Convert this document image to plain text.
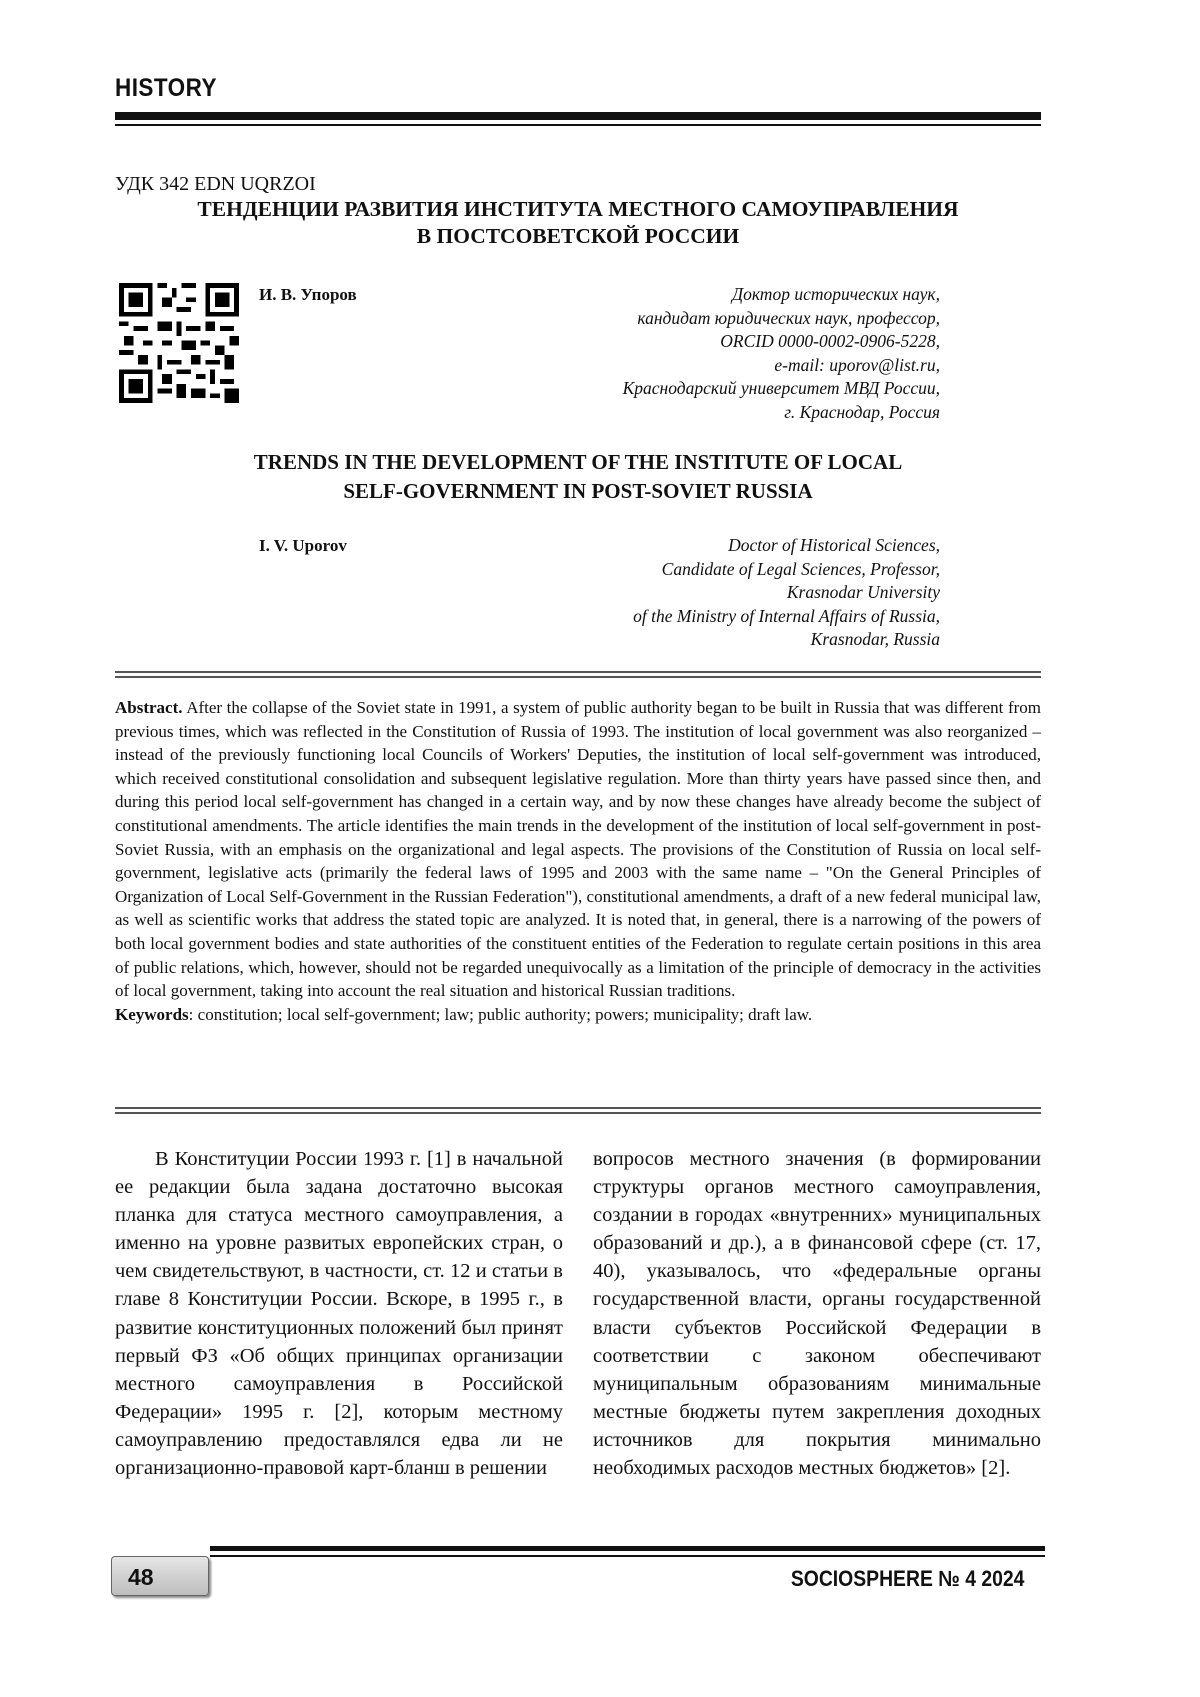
HISTORY
УДК 342 EDN UQRZOI
ТЕНДЕНЦИИ РАЗВИТИЯ ИНСТИТУТА МЕСТНОГО САМОУПРАВЛЕНИЯ
В ПОСТСОВЕТСКОЙ РОССИИ
И. В. Упоров	Доктор исторических наук,
кандидат юридических наук, профессор,
ORCID 0000-0002-0906-5228,
e-mail: uporov@list.ru,
Краснодарский университет МВД России,
г. Краснодар, Россия
TRENDS IN THE DEVELOPMENT OF THE INSTITUTE OF LOCAL
SELF-GOVERNMENT IN POST-SOVIET RUSSIA
I. V. Uporov	Doctor of Historical Sciences,
Candidate of Legal Sciences, Professor,
Krasnodar University
of the Ministry of Internal Affairs of Russia,
Krasnodar, Russia
Abstract. After the collapse of the Soviet state in 1991, a system of public authority began to be built in Russia that was different from previous times, which was reflected in the Constitution of Russia of 1993. The institution of local government was also reorganized – instead of the previously functioning local Councils of Workers' Deputies, the institution of local self-government was introduced, which received constitutional consolidation and subsequent legislative regulation. More than thirty years have passed since then, and during this period local self-government has changed in a certain way, and by now these changes have already become the subject of constitutional amendments. The article identifies the main trends in the development of the institution of local self-government in post-Soviet Russia, with an emphasis on the organizational and legal aspects. The provisions of the Constitution of Russia on local self-government, legislative acts (primarily the federal laws of 1995 and 2003 with the same name – "On the General Principles of Organization of Local Self-Government in the Russian Federation"), constitutional amendments, a draft of a new federal municipal law, as well as scientific works that address the stated topic are analyzed. It is noted that, in general, there is a narrowing of the powers of both local government bodies and state authorities of the constituent entities of the Federation to regulate certain positions in this area of public relations, which, however, should not be regarded unequivocally as a limitation of the principle of democracy in the activities of local government, taking into account the real situation and historical Russian traditions.
Keywords: constitution; local self-government; law; public authority; powers; municipality; draft law.

В Конституции России 1993 г. [1] в начальной ее редакции была задана достаточно высокая планка для статуса местного самоуправления, а именно на уровне развитых европейских стран, о чем свидетельствуют, в частности, ст. 12 и статьи в главе 8 Конституции России. Вскоре, в 1995 г., в развитие конституционных положений был принят первый ФЗ «Об общих принципах организации местного самоуправления в Российской Федерации» 1995 г. [2], которым местному самоуправлению предоставлялся едва ли не организационно-правовой карт-бланш в решении

вопросов местного значения (в формировании структуры органов местного самоуправления, создании в городах «внутренних» муниципальных образований и др.), а в финансовой сфере (ст. 17, 40), указывалось, что «федеральные органы государственной власти, органы государственной власти субъектов Российской Федерации в соответствии с законом обеспечивают муниципальным образованиям минимальные местные бюджеты путем закрепления доходных источников для покрытия минимально необходимых расходов местных бюджетов» [2].

48	SOCIOSPHERE № 4 2024
